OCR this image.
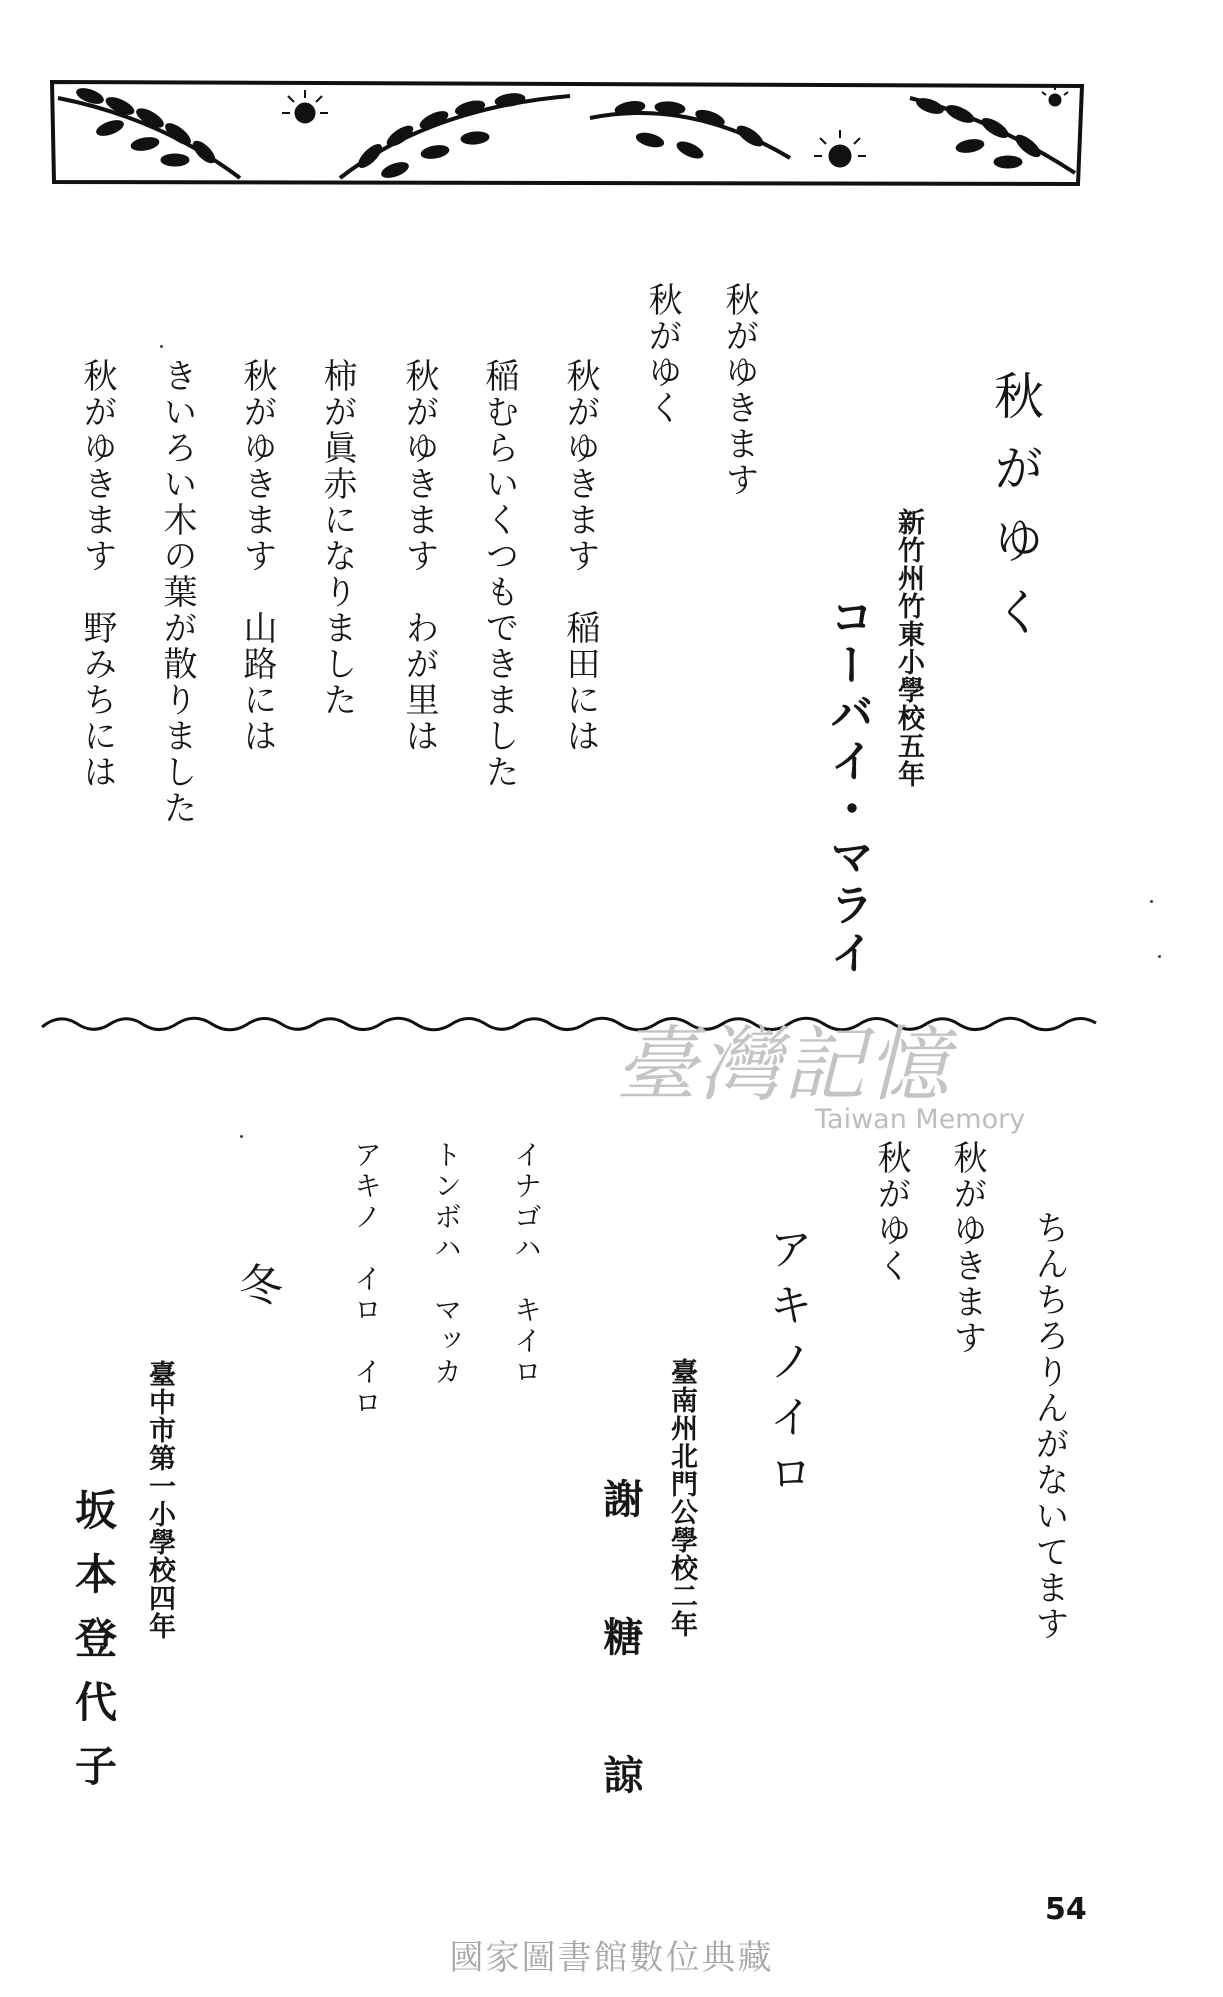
秋がゆく
新竹州竹東小學校五年
コーバイ・マライ
秋がゆきます
秋がゆく
秋がゆきます　稲田には
稲むらいくつもできました
秋がゆきます　わが里は
柿が眞赤になりました
秋がゆきます　山路には
きいろい木の葉が散りました
秋がゆきます　野みちには
臺灣記憶
Taiwan Memory
ちんちろりんがないてます
秋がゆきます
秋がゆく
アキノイロ
臺南州北門公學校二年
謝　　糖　　諒
イナゴハ　キイロ
トンボハ　マッカ
アキノ　イロ　イロ
冬
臺中市第一小學校四年
坂本登代子
54
國家圖書館數位典藏
